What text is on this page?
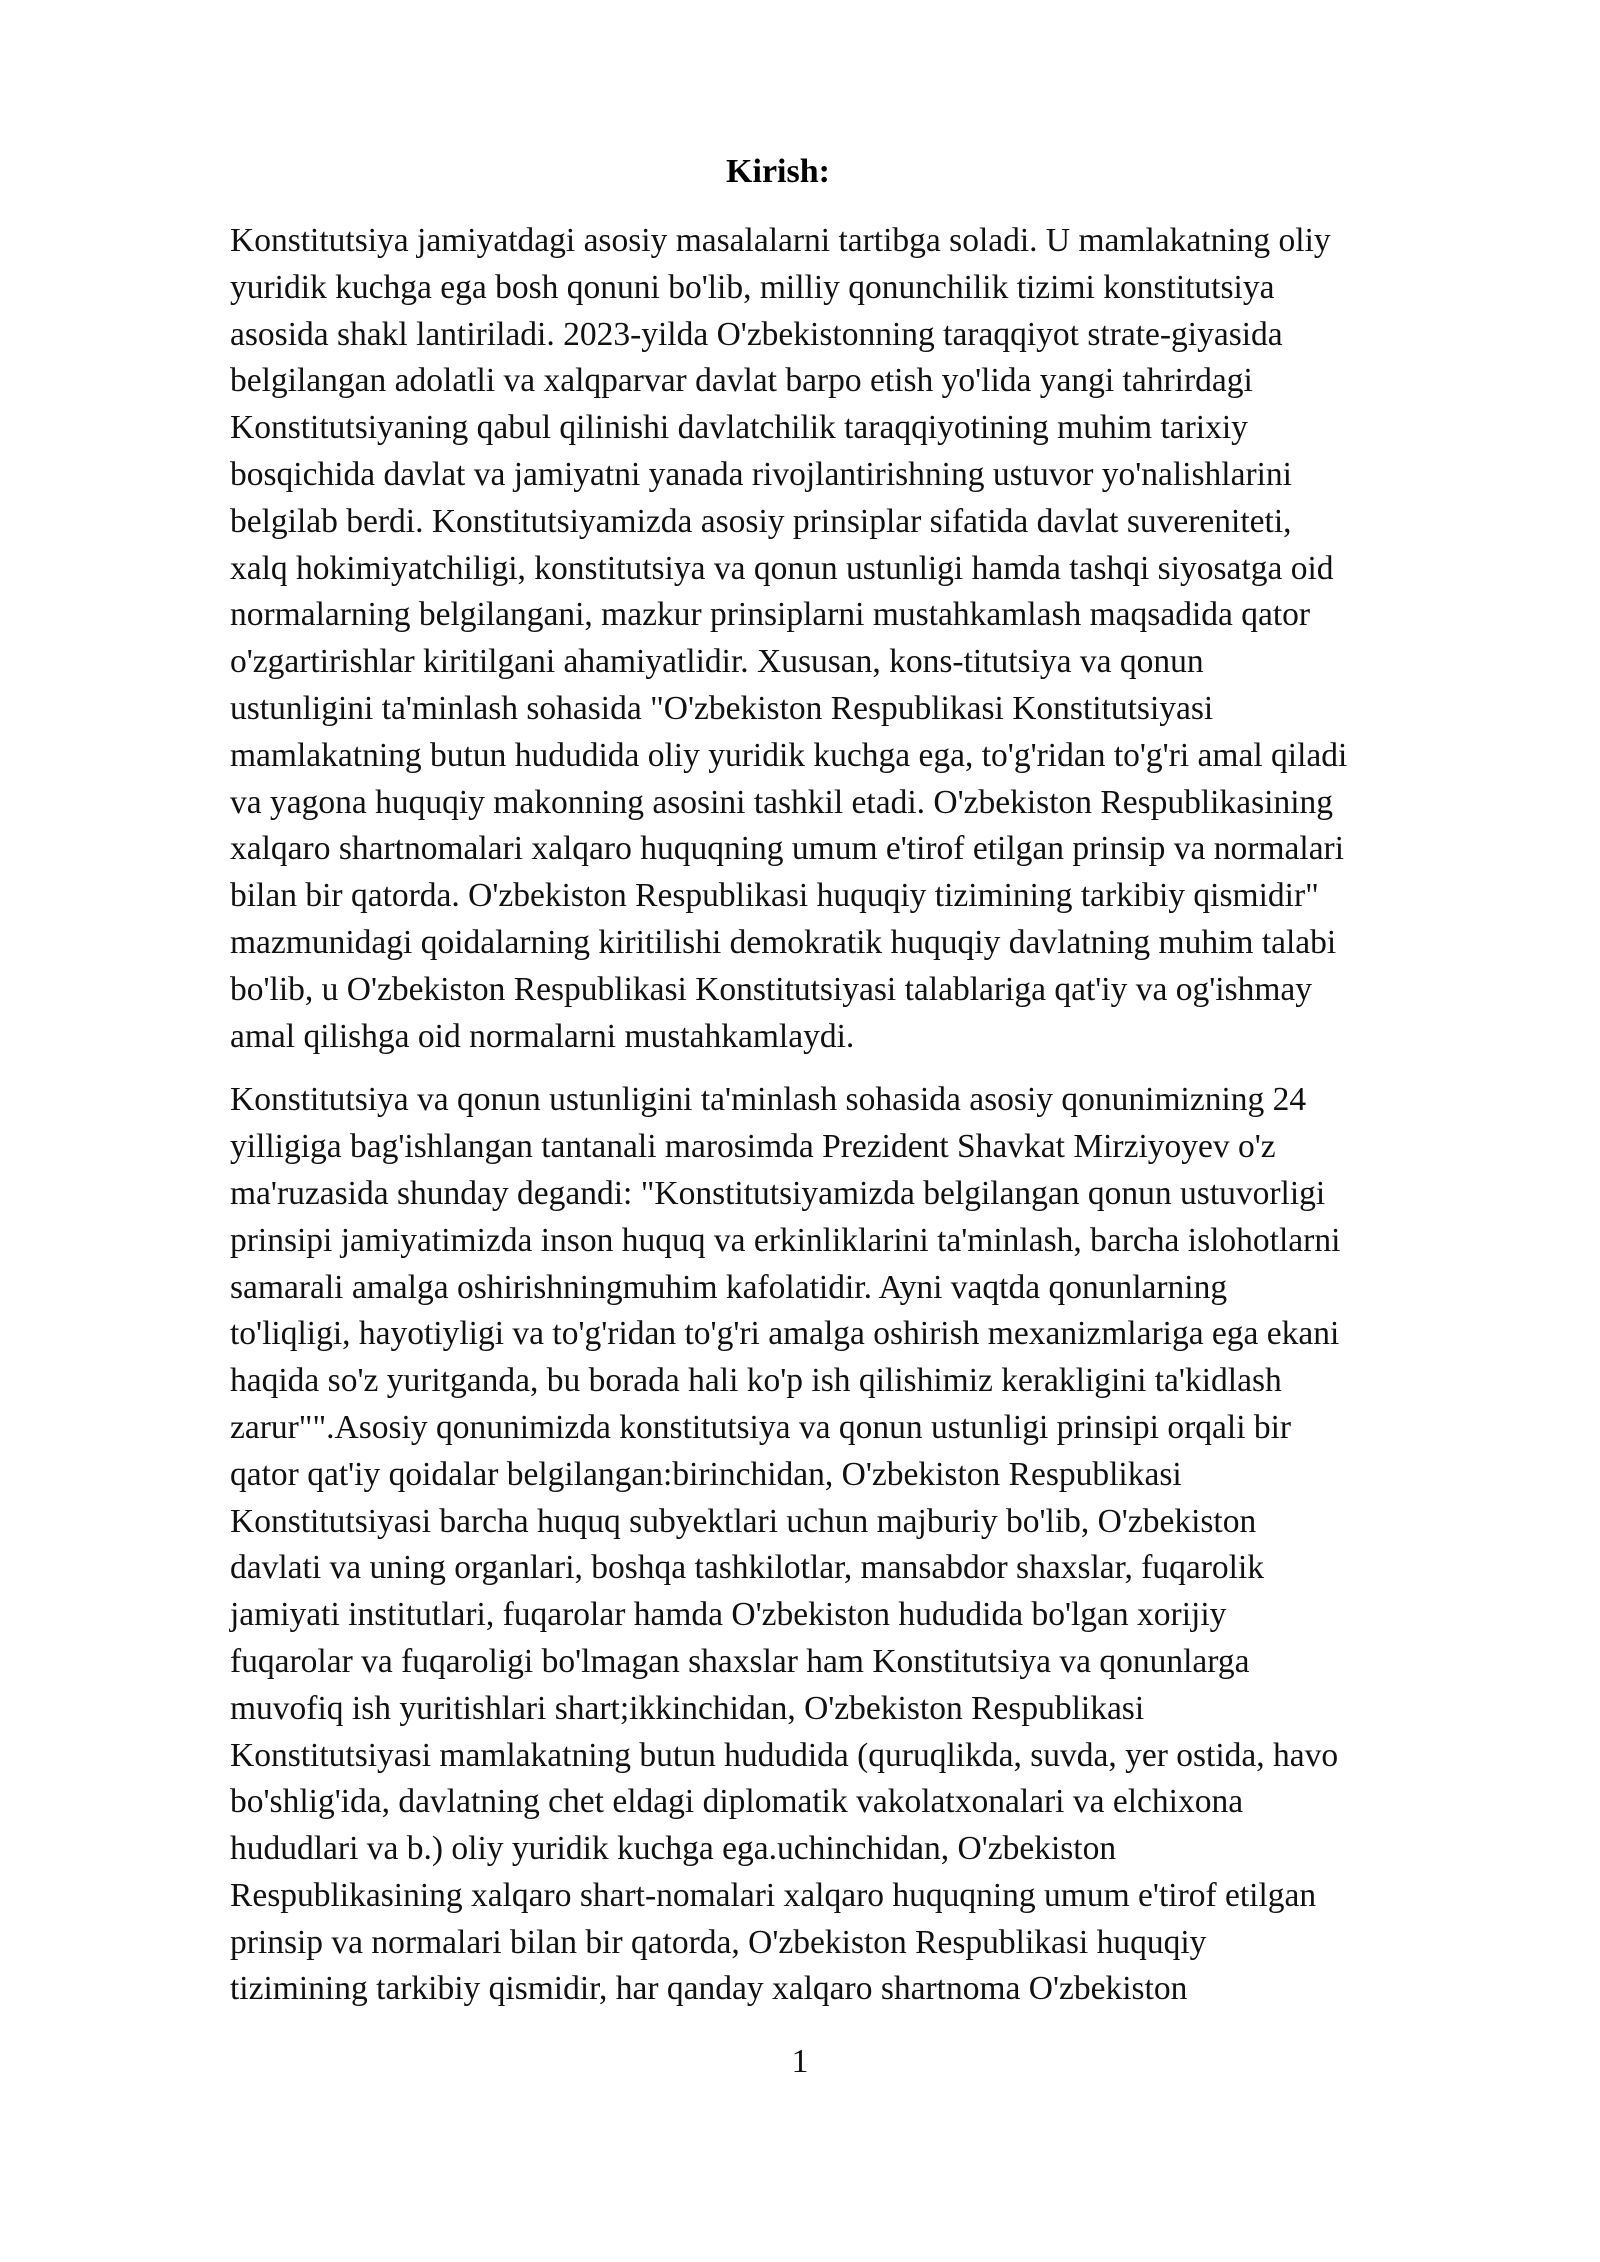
Kirish:

Konstitutsiya jamiyatdagi asosiy masalalarni tartibga soladi. U mamlakatning oliy
yuridik kuchga ega bosh qonuni bo'lib, milliy qonunchilik tizimi konstitutsiya
asosida shakl lantiriladi. 2023-yilda O'zbekistonning taraqqiyot strate-giyasida
belgilangan adolatli va xalqparvar davlat barpo etish yo'lida yangi tahrirdagi
Konstitutsiyaning qabul qilinishi davlatchilik taraqqiyotining muhim tarixiy
bosqichida davlat va jamiyatni yanada rivojlantirishning ustuvor yo'nalishlarini
belgilab berdi. Konstitutsiyamizda asosiy prinsiplar sifatida davlat suvereniteti,
xalq hokimiyatchiligi, konstitutsiya va qonun ustunligi hamda tashqi siyosatga oid
normalarning belgilangani, mazkur prinsiplarni mustahkamlash maqsadida qator
o'zgartirishlar kiritilgani ahamiyatlidir. Xususan, kons-titutsiya va qonun
ustunligini ta'minlash sohasida "O'zbekiston Respublikasi Konstitutsiyasi
mamlakatning butun hududida oliy yuridik kuchga ega, to'g'ridan to'g'ri amal qiladi
va yagona huquqiy makonning asosini tashkil etadi. O'zbekiston Respublikasining
xalqaro shartnomalari xalqaro huquqning umum e'tirof etilgan prinsip va normalari
bilan bir qatorda. O'zbekiston Respublikasi huquqiy tizimining tarkibiy qismidir"
mazmunidagi qoidalarning kiritilishi demokratik huquqiy davlatning muhim talabi
bo'lib, u O'zbekiston Respublikasi Konstitutsiyasi talablariga qat'iy va og'ishmay
amal qilishga oid normalarni mustahkamlaydi.

Konstitutsiya va qonun ustunligini ta'minlash sohasida asosiy qonunimizning 24
yilligiga bag'ishlangan tantanali marosimda Prezident Shavkat Mirziyoyev o'z
ma'ruzasida shunday degandi: "Konstitutsiyamizda belgilangan qonun ustuvorligi
prinsipi jamiyatimizda inson huquq va erkinliklarini ta'minlash, barcha islohotlarni
samarali amalga oshirishningmuhim kafolatidir. Ayni vaqtda qonunlarning
to'liqligi, hayotiyligi va to'g'ridan to'g'ri amalga oshirish mexanizmlariga ega ekani
haqida so'z yuritganda, bu borada hali ko'p ish qilishimiz kerakligini ta'kidlash
zarur"".Asosiy qonunimizda konstitutsiya va qonun ustunligi prinsipi orqali bir
qator qat'iy qoidalar belgilangan:birinchidan, O'zbekiston Respublikasi
Konstitutsiyasi barcha huquq subyektlari uchun majburiy bo'lib, O'zbekiston
davlati va uning organlari, boshqa tashkilotlar, mansabdor shaxslar, fuqarolik
jamiyati institutlari, fuqarolar hamda O'zbekiston hududida bo'lgan xorijiy
fuqarolar va fuqaroligi bo'lmagan shaxslar ham Konstitutsiya va qonunlarga
muvofiq ish yuritishlari shart;ikkinchidan, O'zbekiston Respublikasi
Konstitutsiyasi mamlakatning butun hududida (quruqlikda, suvda, yer ostida, havo
bo'shlig'ida, davlatning chet eldagi diplomatik vakolatxonalari va elchixona
hududlari va b.) oliy yuridik kuchga ega.uchinchidan, O'zbekiston
Respublikasining xalqaro shart-nomalari xalqaro huquqning umum e'tirof etilgan
prinsip va normalari bilan bir qatorda, O'zbekiston Respublikasi huquqiy
tizimining tarkibiy qismidir, har qanday xalqaro shartnoma O'zbekiston

1
